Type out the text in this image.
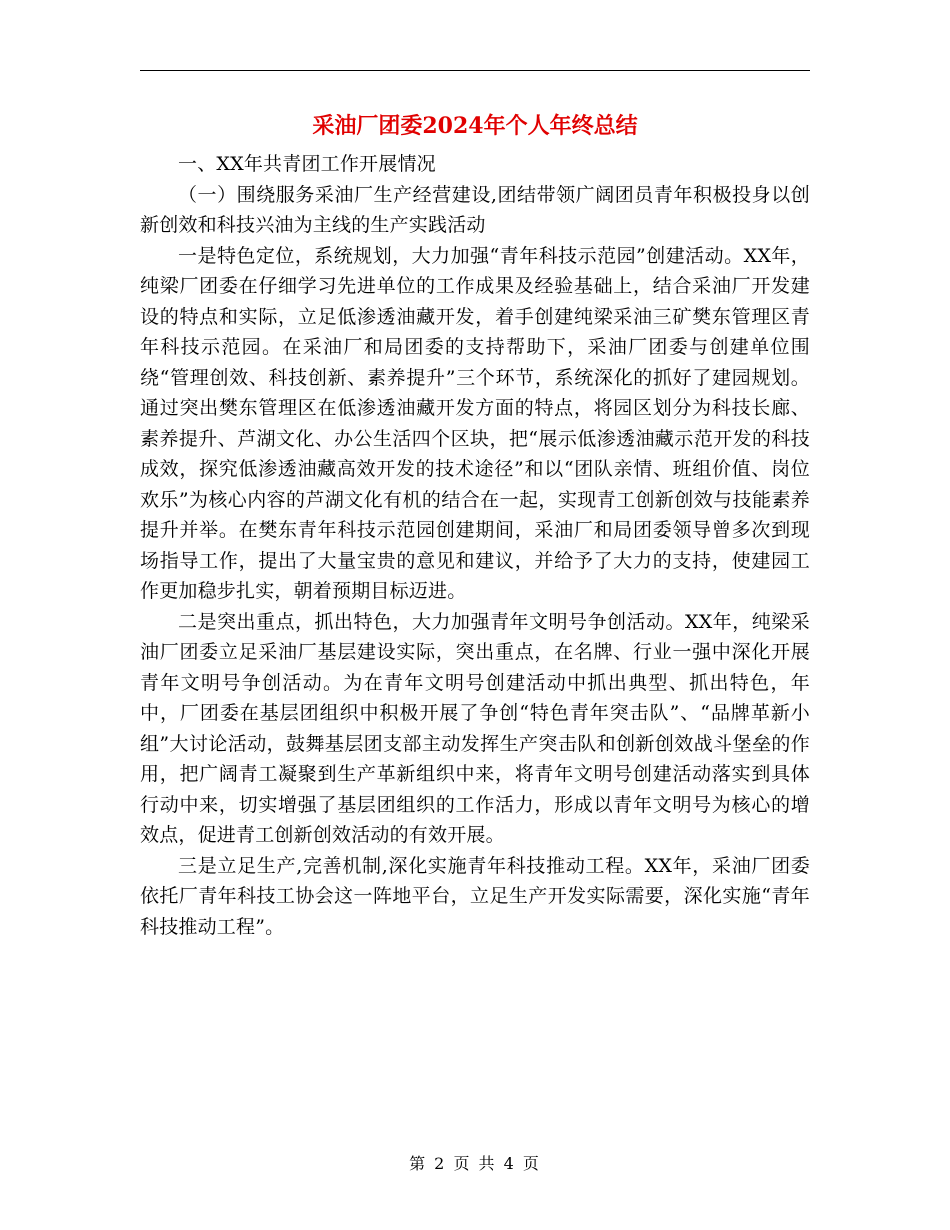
采油厂团委2024年个人年终总结

一、XX年共青团工作开展情况

（一）围绕服务采油厂生产经营建设,团结带领广阔团员青年积极投身以创新创效和科技兴油为主线的生产实践活动

一是特色定位，系统规划，大力加强“青年科技示范园”创建活动。XX年，纯梁厂团委在仔细学习先进单位的工作成果及经验基础上，结合采油厂开发建设的特点和实际，立足低渗透油藏开发，着手创建纯梁采油三矿樊东管理区青年科技示范园。在采油厂和局团委的支持帮助下，采油厂团委与创建单位围绕“管理创效、科技创新、素养提升”三个环节，系统深化的抓好了建园规划。通过突出樊东管理区在低渗透油藏开发方面的特点，将园区划分为科技长廊、素养提升、芦湖文化、办公生活四个区块，把“展示低渗透油藏示范开发的科技成效，探究低渗透油藏高效开发的技术途径”和以“团队亲情、班组价值、岗位欢乐”为核心内容的芦湖文化有机的结合在一起，实现青工创新创效与技能素养提升并举。在樊东青年科技示范园创建期间，采油厂和局团委领导曾多次到现场指导工作，提出了大量宝贵的意见和建议，并给予了大力的支持，使建园工作更加稳步扎实，朝着预期目标迈进。

二是突出重点，抓出特色，大力加强青年文明号争创活动。XX年，纯梁采油厂团委立足采油厂基层建设实际，突出重点，在名牌、行业一强中深化开展青年文明号争创活动。为在青年文明号创建活动中抓出典型、抓出特色，年中，厂团委在基层团组织中积极开展了争创“特色青年突击队”、“品牌革新小组”大讨论活动，鼓舞基层团支部主动发挥生产突击队和创新创效战斗堡垒的作用，把广阔青工凝聚到生产革新组织中来，将青年文明号创建活动落实到具体行动中来，切实增强了基层团组织的工作活力，形成以青年文明号为核心的增效点，促进青工创新创效活动的有效开展。

三是立足生产,完善机制,深化实施青年科技推动工程。XX年，采油厂团委依托厂青年科技工协会这一阵地平台，立足生产开发实际需要，深化实施“青年科技推动工程”。

第 2 页 共 4 页
